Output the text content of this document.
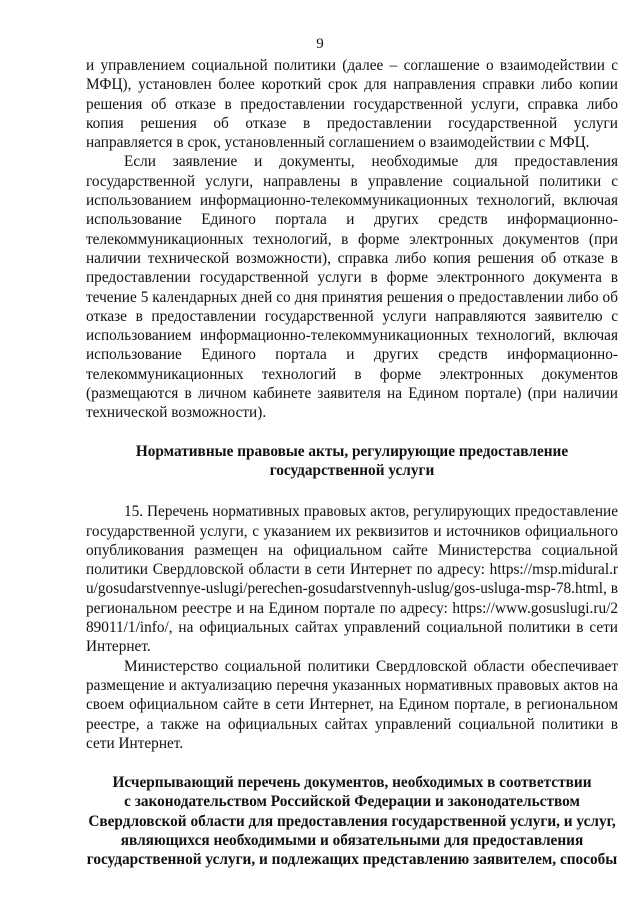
9

и управлением социальной политики (далее – соглашение о взаимодействии с МФЦ), установлен более короткий срок для направления справки либо копии решения об отказе в предоставлении государственной услуги, справка либо копия решения об отказе в предоставлении государственной услуги направляется в срок, установленный соглашением о взаимодействии с МФЦ.

Если заявление и документы, необходимые для предоставления государственной услуги, направлены в управление социальной политики с использованием информационно-телекоммуникационных технологий, включая использование Единого портала и других средств информационно-телекоммуникационных технологий, в форме электронных документов (при наличии технической возможности), справка либо копия решения об отказе в предоставлении государственной услуги в форме электронного документа в течение 5 календарных дней со дня принятия решения о предоставлении либо об отказе в предоставлении государственной услуги направляются заявителю с использованием информационно-телекоммуникационных технологий, включая использование Единого портала и других средств информационно-телекоммуникационных технологий в форме электронных документов (размещаются в личном кабинете заявителя на Едином портале) (при наличии технической возможности).

Нормативные правовые акты, регулирующие предоставление
государственной услуги

15. Перечень нормативных правовых актов, регулирующих предоставление государственной услуги, с указанием их реквизитов и источников официального опубликования размещен на официальном сайте Министерства социальной политики Свердловской области в сети Интернет по адресу: https://msp.midural.ru/gosudarstvennye-uslugi/perechen-gosudarstvennyh-uslug/gos-usluga-msp-78.html, в региональном реестре и на Едином портале по адресу: https://www.gosuslugi.ru/289011/1/info/, на официальных сайтах управлений социальной политики в сети Интернет.

Министерство социальной политики Свердловской области обеспечивает размещение и актуализацию перечня указанных нормативных правовых актов на своем официальном сайте в сети Интернет, на Едином портале, в региональном реестре, а также на официальных сайтах управлений социальной политики в сети Интернет.

Исчерпывающий перечень документов, необходимых в соответствии
с законодательством Российской Федерации и законодательством
Свердловской области для предоставления государственной услуги, и услуг,
являющихся необходимыми и обязательными для предоставления
государственной услуги, и подлежащих представлению заявителем, способы
